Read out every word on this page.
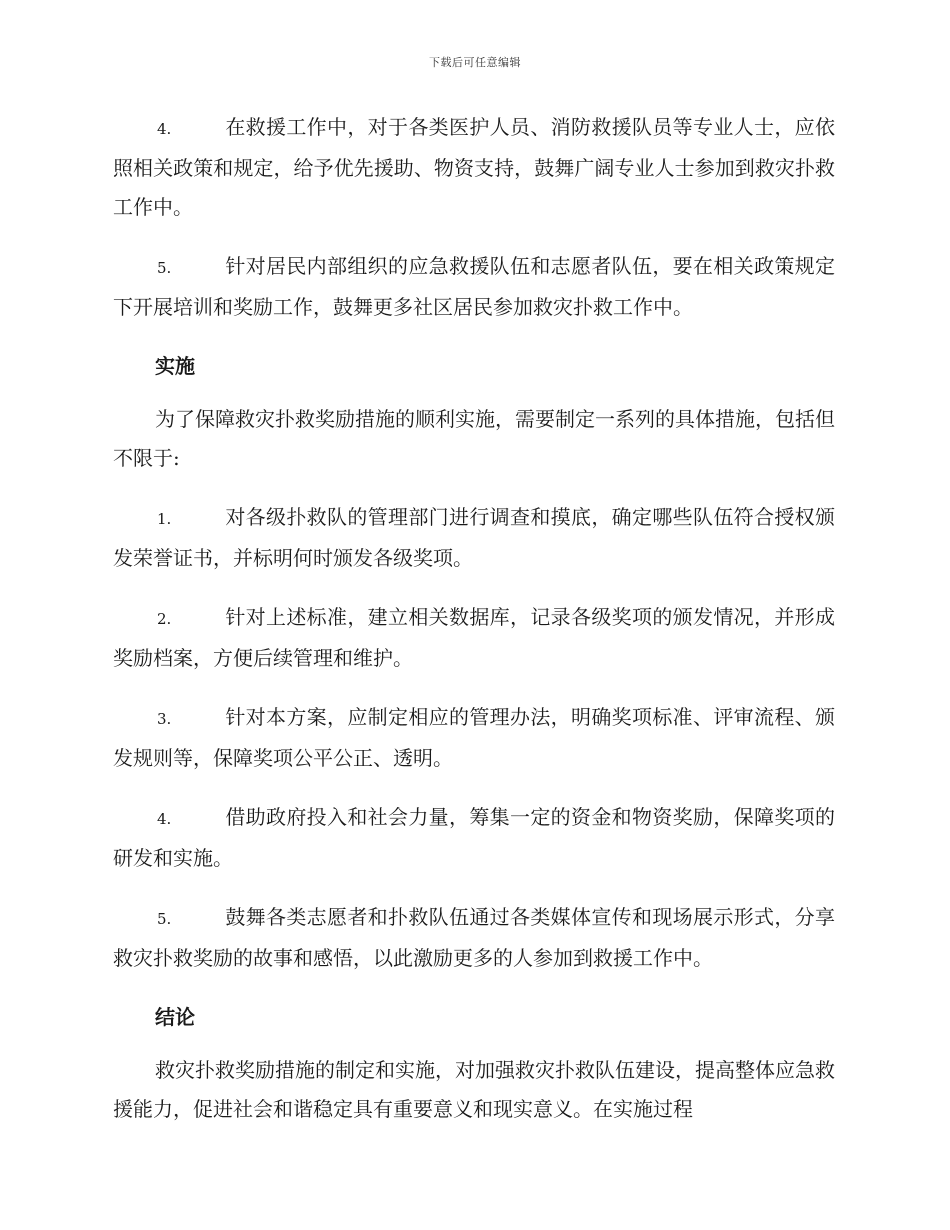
下载后可任意编辑

4.	在救援工作中，对于各类医护人员、消防救援队员等专业人士，应依照相关政策和规定，给予优先援助、物资支持，鼓舞广阔专业人士参加到救灾扑救工作中。

5.	针对居民内部组织的应急救援队伍和志愿者队伍，要在相关政策规定下开展培训和奖励工作，鼓舞更多社区居民参加救灾扑救工作中。

实施

为了保障救灾扑救奖励措施的顺利实施，需要制定一系列的具体措施，包括但不限于:

1.	对各级扑救队的管理部门进行调查和摸底，确定哪些队伍符合授权颁发荣誉证书，并标明何时颁发各级奖项。

2.	针对上述标准，建立相关数据库，记录各级奖项的颁发情况，并形成奖励档案，方便后续管理和维护。

3.	针对本方案，应制定相应的管理办法，明确奖项标准、评审流程、颁发规则等，保障奖项公平公正、透明。

4.	借助政府投入和社会力量，筹集一定的资金和物资奖励，保障奖项的研发和实施。

5.	鼓舞各类志愿者和扑救队伍通过各类媒体宣传和现场展示形式，分享救灾扑救奖励的故事和感悟，以此激励更多的人参加到救援工作中。

结论

救灾扑救奖励措施的制定和实施，对加强救灾扑救队伍建设，提高整体应急救援能力，促进社会和谐稳定具有重要意义和现实意义。在实施过程
